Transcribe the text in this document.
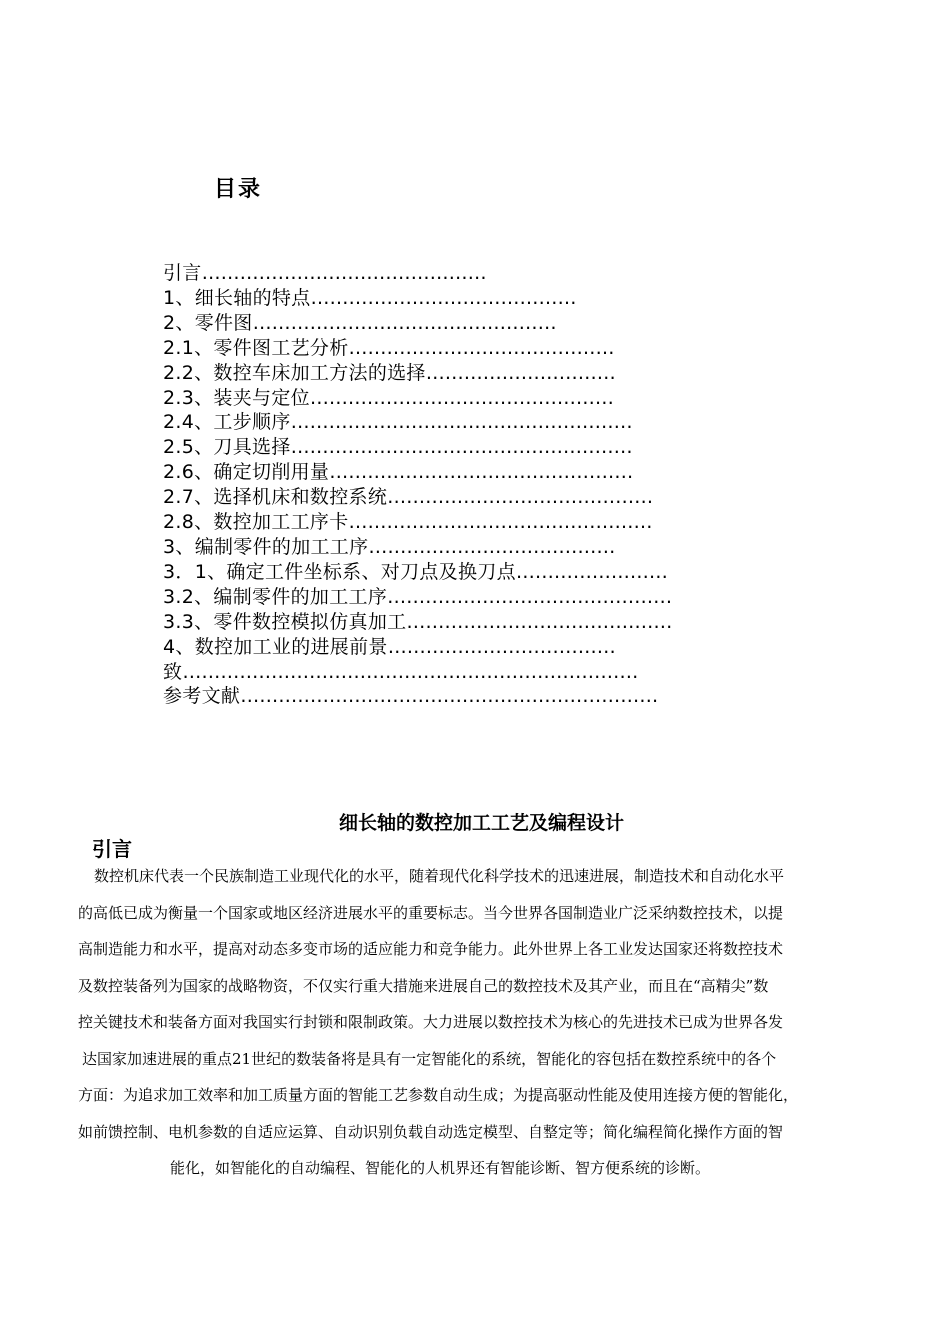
目录
引言………………………………………
1、细长轴的特点……………………………………
2、零件图…………………………………………
2.1、零件图工艺分析……………………………………
2.2、数控车床加工方法的选择…………………………
2.3、装夹与定位…………………………………………
2.4、工步顺序………………………………………………
2.5、刀具选择………………………………………………
2.6、确定切削用量…………………………………………
2.7、选择机床和数控系统……………………………………
2.8、数控加工工序卡…………………………………………
3、编制零件的加工工序…………………………………
3．1、确定工件坐标系、对刀点及换刀点……………………
3.2、编制零件的加工工序………………………………………
3.3、零件数控模拟仿真加工……………………………………
4、数控加工业的进展前景………………………………
致………………………………………………………………
参考文献…………………………………………………………
细长轴的数控加工工艺及编程设计
引言

数控机床代表一个民族制造工业现代化的水平，随着现代化科学技术的迅速进展，制造技术和自动化水平
的高低已成为衡量一个国家或地区经济进展水平的重要标志。当今世界各国制造业广泛采纳数控技术，以提
高制造能力和水平，提高对动态多变市场的适应能力和竞争能力。此外世界上各工业发达国家还将数控技术
及数控装备列为国家的战略物资，不仅实行重大措施来进展自己的数控技术及其产业，而且在“高精尖”数
控关键技术和装备方面对我国实行封锁和限制政策。大力进展以数控技术为核心的先进技术已成为世界各发
达国家加速进展的重点21世纪的数装备将是具有一定智能化的系统，智能化的容包括在数控系统中的各个
方面：为追求加工效率和加工质量方面的智能工艺参数自动生成；为提高驱动性能及使用连接方便的智能化，
如前馈控制、电机参数的自适应运算、自动识别负载自动选定模型、自整定等；简化编程简化操作方面的智
能化，如智能化的自动编程、智能化的人机界还有智能诊断、智方便系统的诊断。
